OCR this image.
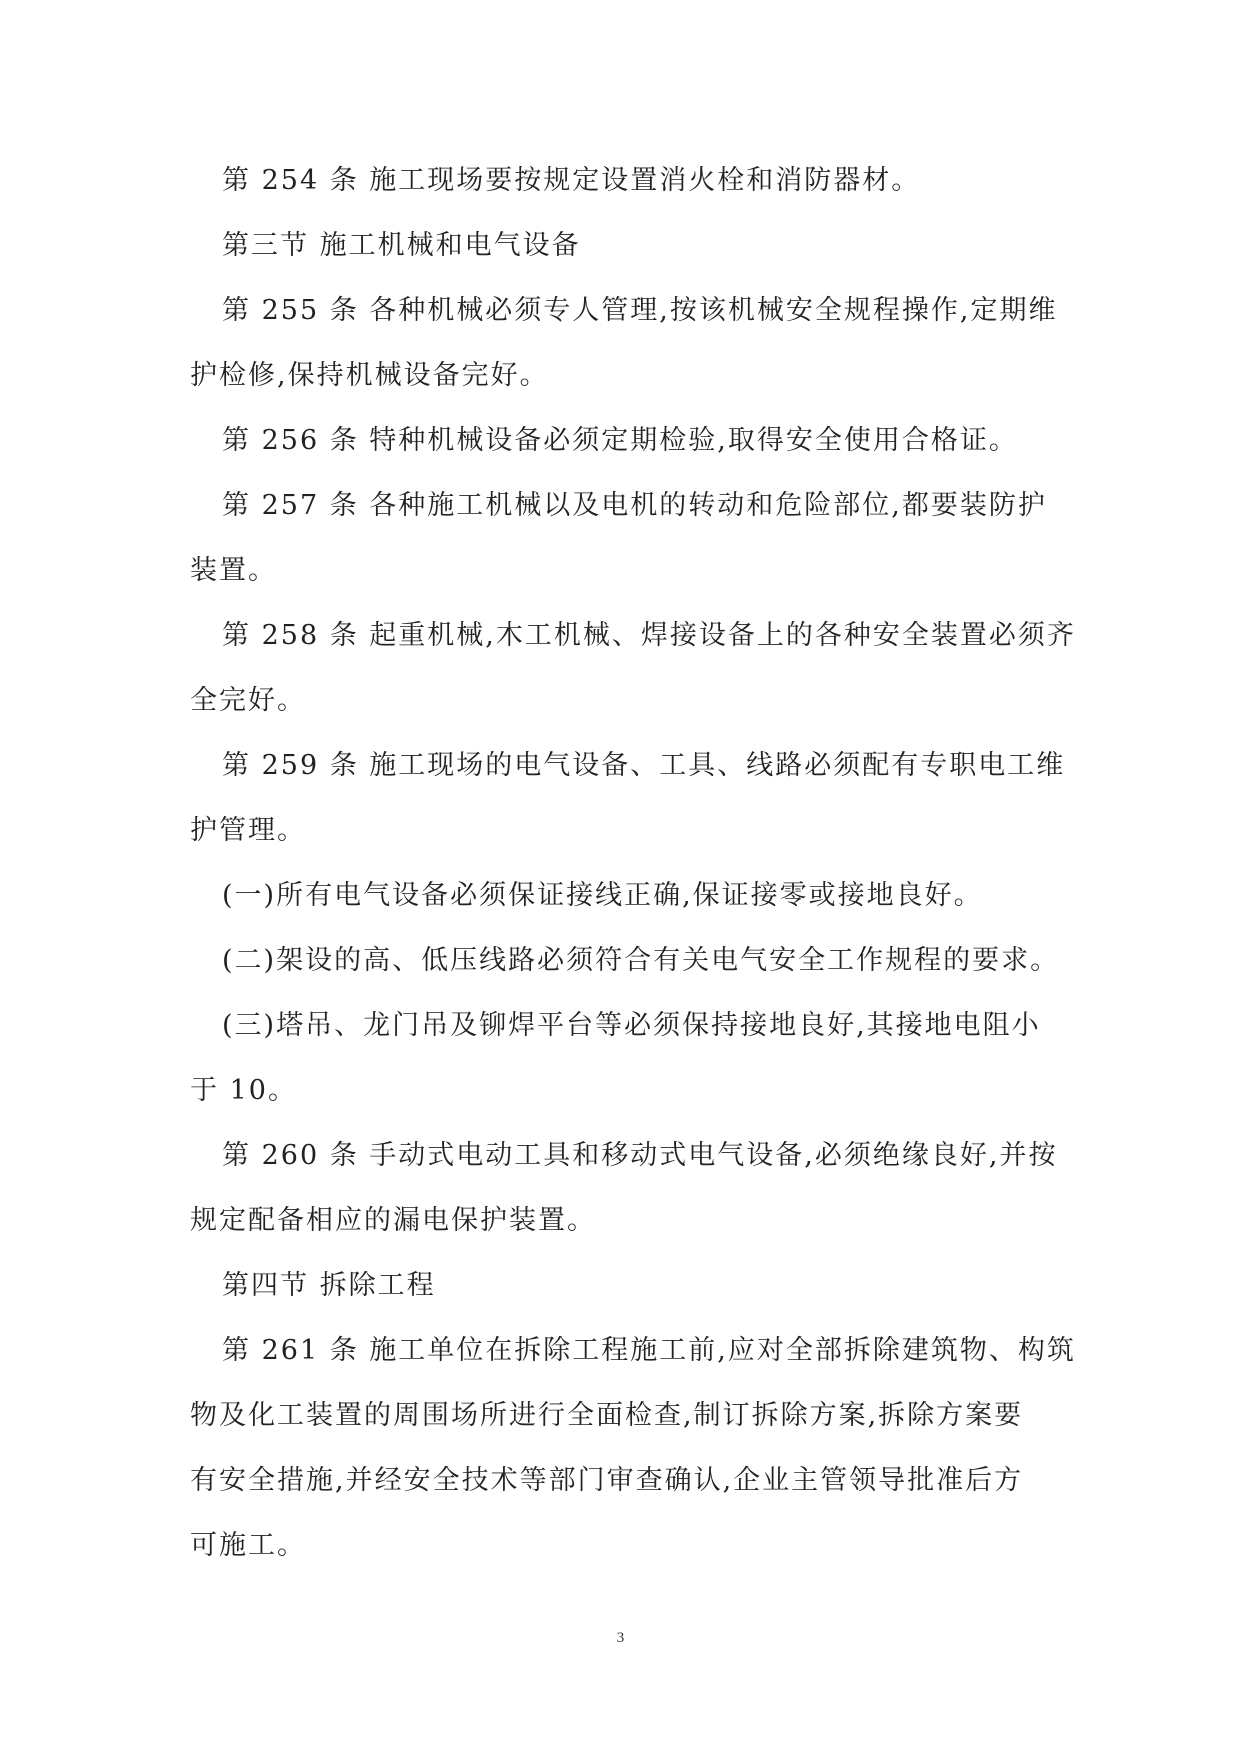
第 254 条 施工现场要按规定设置消火栓和消防器材。
第三节 施工机械和电气设备
第 255 条 各种机械必须专人管理,按该机械安全规程操作,定期维
护检修,保持机械设备完好。
第 256 条 特种机械设备必须定期检验,取得安全使用合格证。
第 257 条 各种施工机械以及电机的转动和危险部位,都要装防护
装置。
第 258 条 起重机械,木工机械、焊接设备上的各种安全装置必须齐
全完好。
第 259 条 施工现场的电气设备、工具、线路必须配有专职电工维
护管理。
(一)所有电气设备必须保证接线正确,保证接零或接地良好。
(二)架设的高、低压线路必须符合有关电气安全工作规程的要求。
(三)塔吊、龙门吊及铆焊平台等必须保持接地良好,其接地电阻小
于 10。
第 260 条 手动式电动工具和移动式电气设备,必须绝缘良好,并按
规定配备相应的漏电保护装置。
第四节 拆除工程
第 261 条 施工单位在拆除工程施工前,应对全部拆除建筑物、构筑
物及化工装置的周围场所进行全面检查,制订拆除方案,拆除方案要
有安全措施,并经安全技术等部门审查确认,企业主管领导批准后方
可施工。
3
